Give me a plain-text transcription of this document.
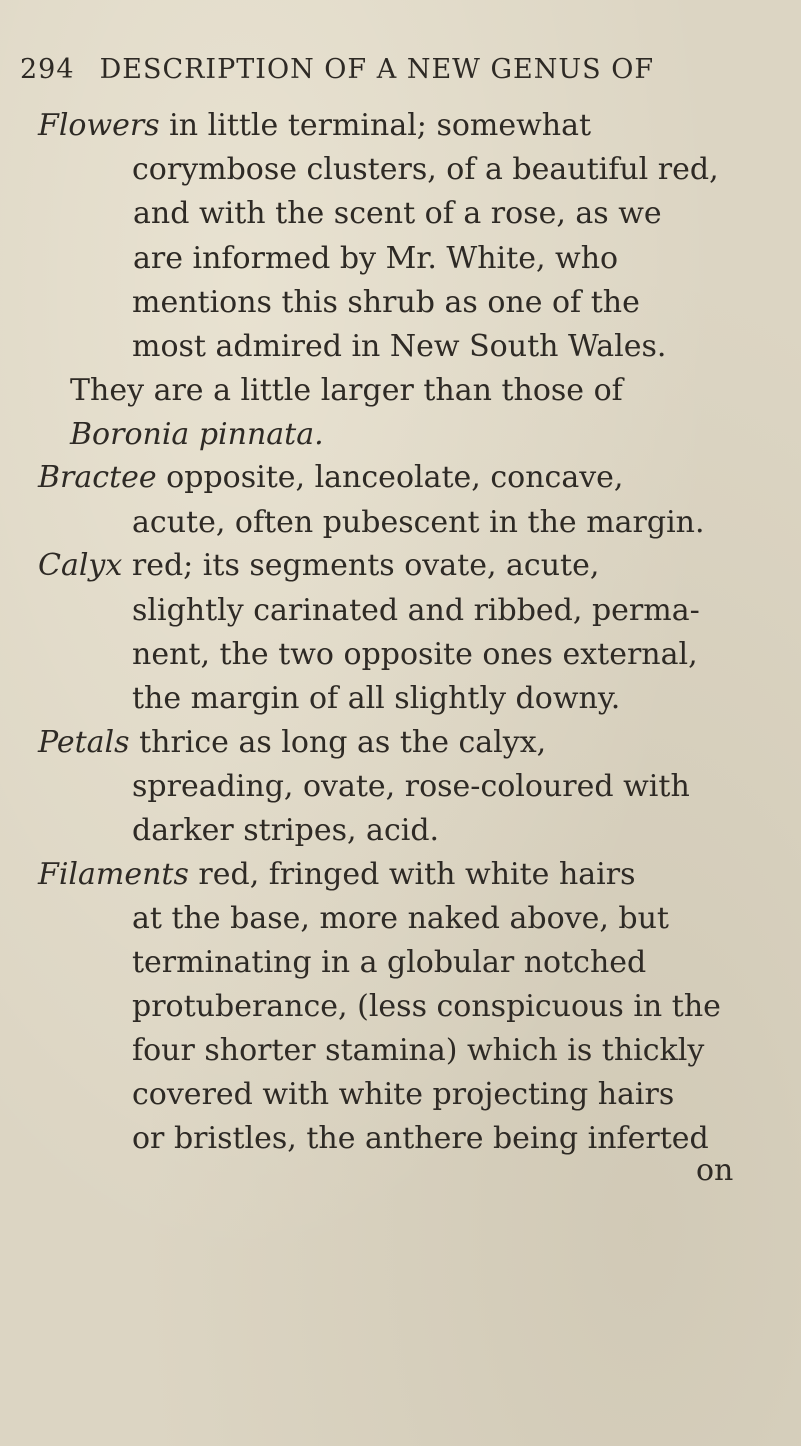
294 DESCRIPTION OF A NEW GENUS OF
Flowers in little terminal; somewhat
corymbose clusters, of a beautiful red,
and with the scent of a rose, as we
are informed by Mr. White, who
mentions this shrub as one of the
most admired in New South Wales.
They are a little larger than those of
Boronia pinnata.
Bractee opposite, lanceolate, concave,
acute, often pubescent in the margin.
Calyx red; its segments ovate, acute,
slightly carinated and ribbed, perma-
nent, the two opposite ones external,
the margin of all slightly downy.
Petals thrice as long as the calyx,
spreading, ovate, rose-coloured with
darker stripes, acid.
Filaments red, fringed with white hairs
at the base, more naked above, but
terminating in a globular notched
protuberance, (less conspicuous in the
four shorter stamina) which is thickly
covered with white projecting hairs
or bristles, the anthere being inferted
on
